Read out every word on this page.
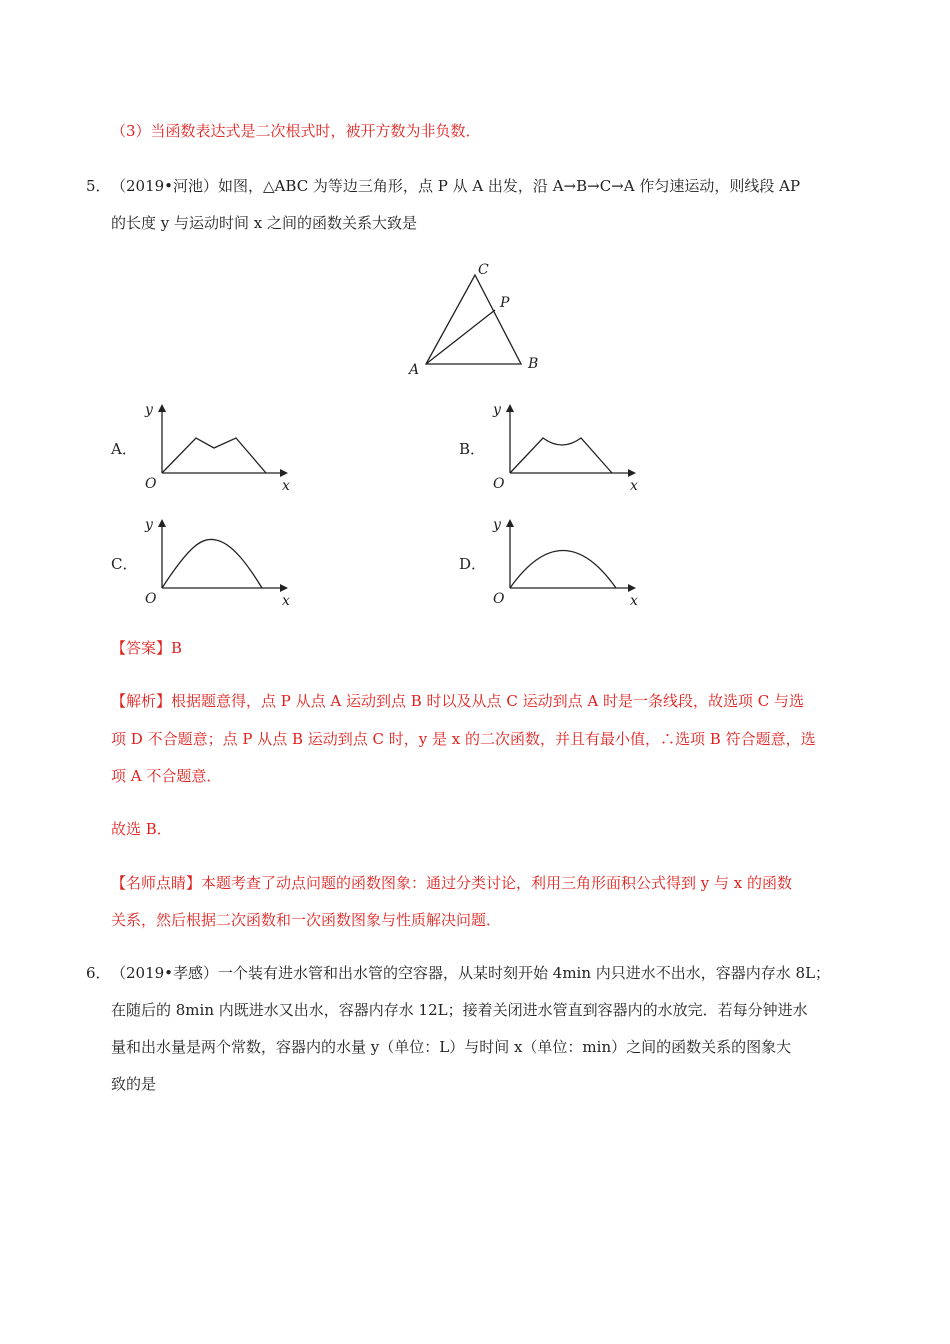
（3）当函数表达式是二次根式时，被开方数为非负数．
5． （2019•河池）如图，△ABC 为等边三角形，点 P 从 A 出发，沿 A→B→C→A 作匀速运动，则线段 AP
的长度 y 与运动时间 x 之间的函数关系大致是
C
P
A	B
A．
y
O	x
B．
y
O	x
C．
y
O	x
D．
y
O	x
【答案】B
【解析】根据题意得，点 P 从点 A 运动到点 B 时以及从点 C 运动到点 A 时是一条线段，故选项 C 与选
项 D 不合题意；点 P 从点 B 运动到点 C 时，y 是 x 的二次函数，并且有最小值，∴选项 B 符合题意，选
项 A 不合题意．
故选 B．
【名师点睛】本题考查了动点问题的函数图象：通过分类讨论，利用三角形面积公式得到 y 与 x 的函数
关系，然后根据二次函数和一次函数图象与性质解决问题．
6． （2019•孝感）一个装有进水管和出水管的空容器，从某时刻开始 4min 内只进水不出水，容器内存水 8L；
在随后的 8min 内既进水又出水，容器内存水 12L；接着关闭进水管直到容器内的水放完．若每分钟进水
量和出水量是两个常数，容器内的水量 y（单位：L）与时间 x（单位：min）之间的函数关系的图象大
致的是
